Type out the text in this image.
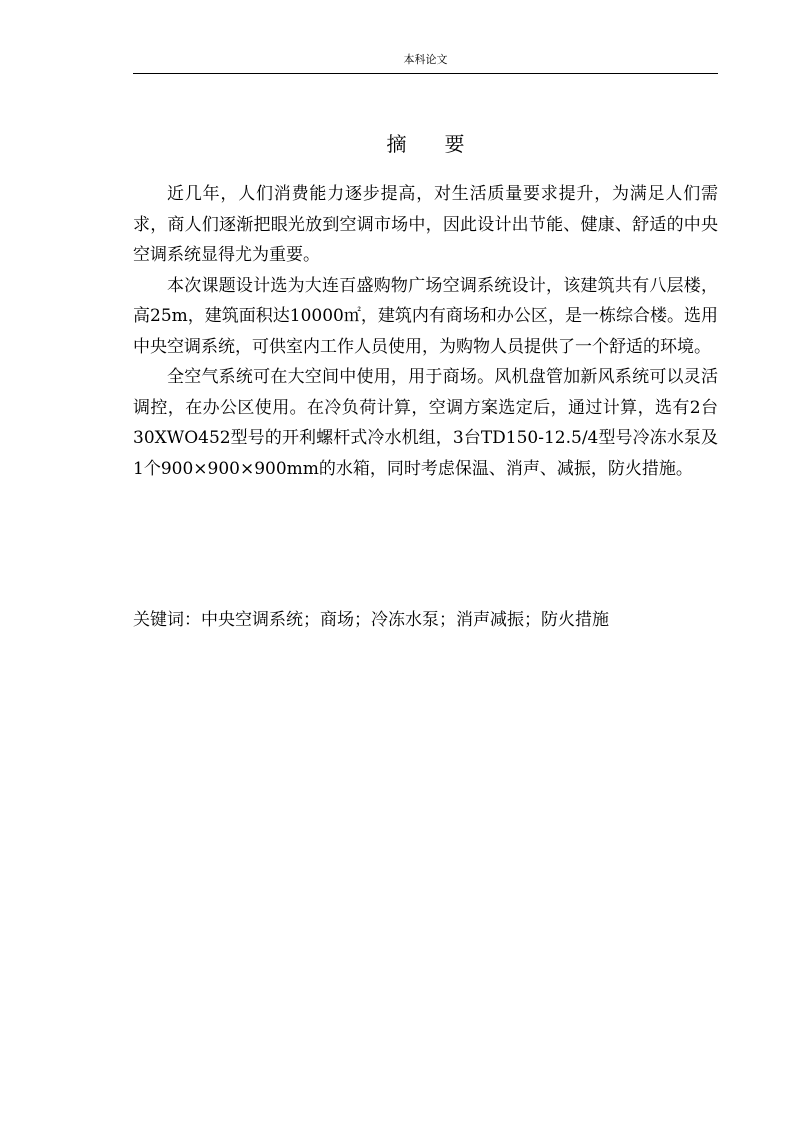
本科论文
摘要

近几年，人们消费能力逐步提高，对生活质量要求提升，为满足人们需求，商人们逐渐把眼光放到空调市场中，因此设计出节能、健康、舒适的中央空调系统显得尤为重要。

本次课题设计选为大连百盛购物广场空调系统设计，该建筑共有八层楼，高25m，建筑面积达10000㎡，建筑内有商场和办公区，是一栋综合楼。选用中央空调系统，可供室内工作人员使用，为购物人员提供了一个舒适的环境。

全空气系统可在大空间中使用，用于商场。风机盘管加新风系统可以灵活调控，在办公区使用。在冷负荷计算，空调方案选定后，通过计算，选有2台30XWO452型号的开利螺杆式冷水机组，3台TD150-12.5/4型号冷冻水泵及1个900×900×900mm的水箱，同时考虑保温、消声、减振，防火措施。

关键词：中央空调系统；商场；冷冻水泵；消声减振；防火措施
